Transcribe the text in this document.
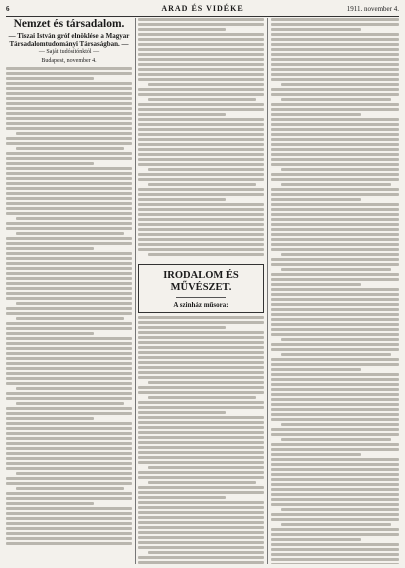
6	ARAD ÉS VIDÉKE	1911. november 4.
Nemzet és társadalom.
— Tiszai István gróf elnöklése a Magyar Társadalomtudományi Társaságban. —
— Saját tudósítónktól —
Budapest, november 4.
IRODALOM ÉS MŰVÉSZET.
A szinház műsora:
